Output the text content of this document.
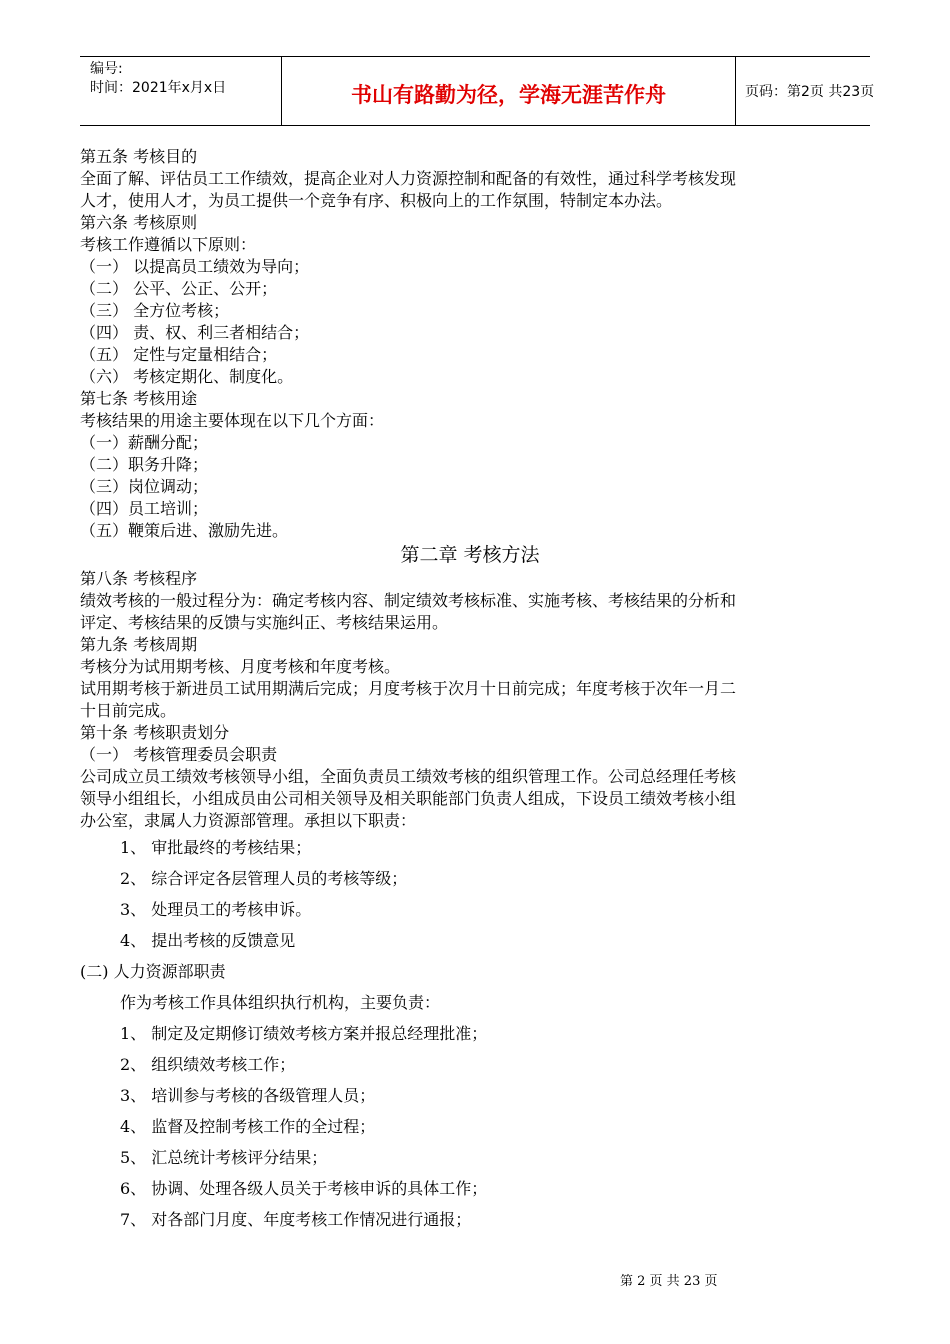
编号:
时间：2021年x月x日	书山有路勤为径，学海无涯苦作舟	页码：第2页 共23页
第五条 考核目的
全面了解、评估员工工作绩效，提高企业对人力资源控制和配备的有效性，通过科学考核发现
人才，使用人才，为员工提供一个竞争有序、积极向上的工作氛围，特制定本办法。
第六条 考核原则
考核工作遵循以下原则：
（一） 以提高员工绩效为导向；
（二） 公平、公正、公开；
（三） 全方位考核；
（四） 责、权、利三者相结合；
（五） 定性与定量相结合；
（六） 考核定期化、制度化。
第七条 考核用途
考核结果的用途主要体现在以下几个方面：
（一）薪酬分配；
（二）职务升降；
（三）岗位调动；
（四）员工培训；
（五）鞭策后进、激励先进。
第二章 考核方法
第八条 考核程序
绩效考核的一般过程分为：确定考核内容、制定绩效考核标准、实施考核、考核结果的分析和
评定、考核结果的反馈与实施纠正、考核结果运用。
第九条 考核周期
考核分为试用期考核、月度考核和年度考核。
试用期考核于新进员工试用期满后完成；月度考核于次月十日前完成；年度考核于次年一月二
十日前完成。
第十条 考核职责划分
（一） 考核管理委员会职责
公司成立员工绩效考核领导小组，全面负责员工绩效考核的组织管理工作。公司总经理任考核
领导小组组长，小组成员由公司相关领导及相关职能部门负责人组成，下设员工绩效考核小组
办公室，隶属人力资源部管理。承担以下职责：
1、 审批最终的考核结果；
2、 综合评定各层管理人员的考核等级；
3、 处理员工的考核申诉。
4、 提出考核的反馈意见
(二) 人力资源部职责
作为考核工作具体组织执行机构，主要负责：
1、 制定及定期修订绩效考核方案并报总经理批准；
2、 组织绩效考核工作；
3、 培训参与考核的各级管理人员；
4、 监督及控制考核工作的全过程；
5、 汇总统计考核评分结果；
6、 协调、处理各级人员关于考核申诉的具体工作；
7、 对各部门月度、年度考核工作情况进行通报；
第 2 页 共 23 页
